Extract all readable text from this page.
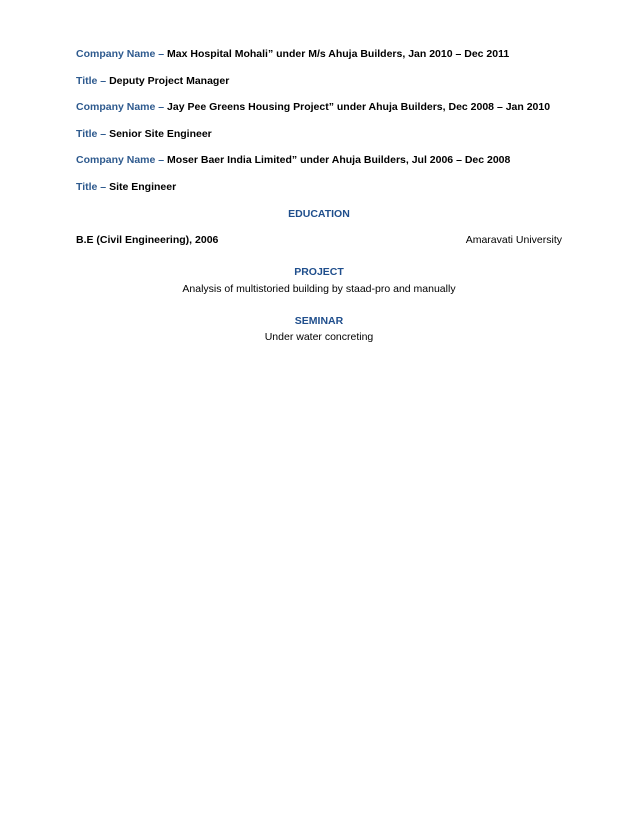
Company Name – Max Hospital Mohali” under M/s Ahuja Builders, Jan 2010 – Dec 2011
Title – Deputy Project Manager
Company Name – Jay Pee Greens Housing Project” under Ahuja Builders, Dec 2008 – Jan 2010
Title – Senior Site Engineer
Company Name – Moser Baer India Limited” under Ahuja Builders, Jul 2006 – Dec 2008
Title – Site Engineer
EDUCATION
B.E (Civil Engineering), 2006	Amaravati University
PROJECT
Analysis of multistoried building by staad-pro and manually
SEMINAR
Under water concreting
